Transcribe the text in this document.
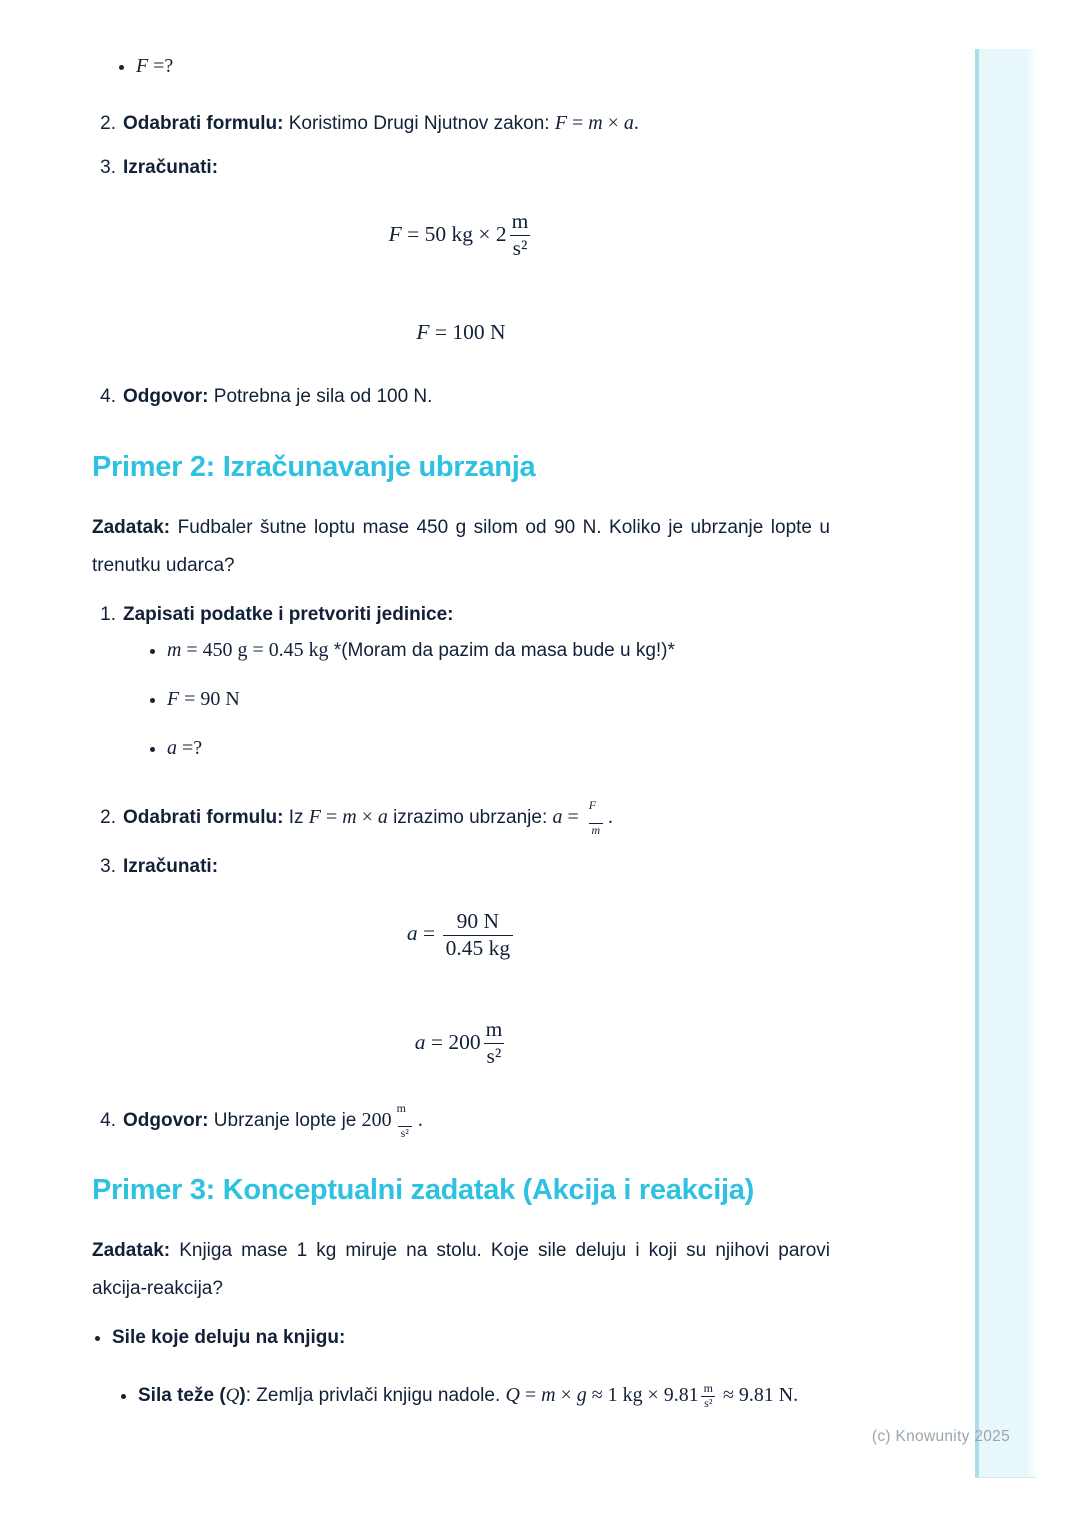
(c) Knowunity 2025
• F =?
2. Odabrati formulu: Koristimo Drugi Njutnov zakon: F = m × a.
3. Izračunati:
F = 50 kg × $2 \frac{m}{\text{s²}}$
F = 100 N
4. Odgovor: Potrebna je sila od 100 N.
Primer 2: Izračunavanje ubrzanja

Zadatak: Fudbaler šutne loptu mase 450 g silom od 90 N. Koliko je ubrzanje lopte u trenutku udarca?

1. Zapisati podatke i pretvoriti jedinice:
• m = 450 g = 0.45 kg *(Moram da pazim da masa bude u kg!)*
• F = 90 N
• a =?
2. Odabrati formulu: Iz F = m × a izrazimo ubrzanje: $a = \frac{F}{m}$ .
3. Izračunati:
$a = \frac{90 N}{0.45 kg}$
$a = 200 \frac{m}{\text{s²}}$
4. Odgovor: Ubrzanje lopte je $200 \frac{m}{\text{s²}}$ .
Primer 3: Konceptualni zadatak (Akcija i reakcija)

Zadatak: Knjiga mase 1 kg miruje na stolu. Koje sile deluju i koji su njihovi parovi akcija-reakcija?

• Sile koje deluju na knjigu:
• Sila teže (Q): Zemlja privlači knjigu nadole. Q = m × g ≈ 1 kg × $9.81 \frac{m}{\text{s²}} \approx 9.81$ N.
